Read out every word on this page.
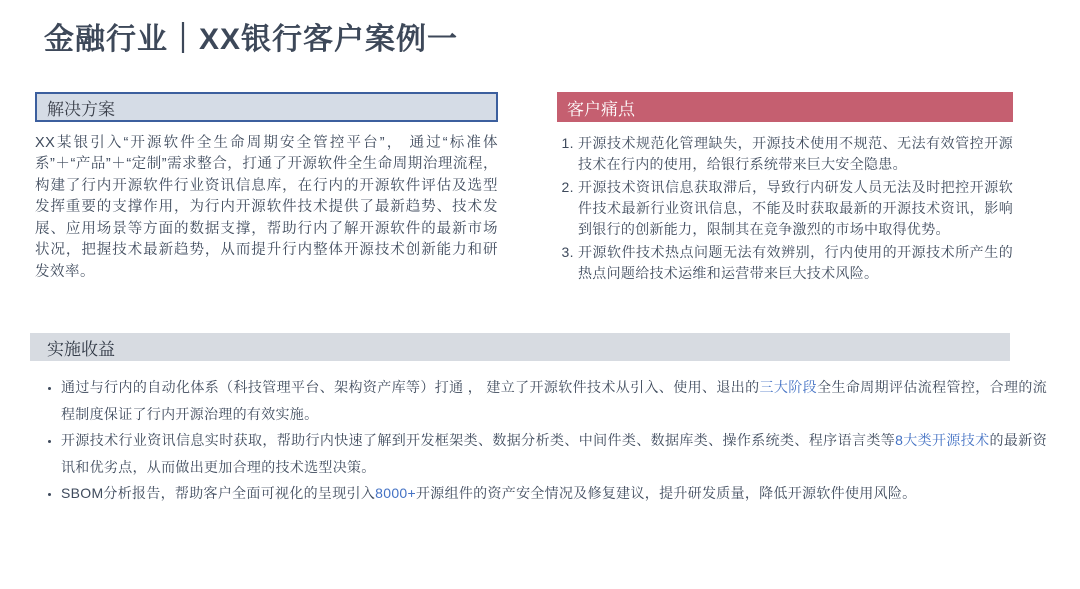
金融行业｜XX银行客户案例一
解决方案

XX某银引入“开源软件全生命周期安全管控平台”， 通过“标准体系”＋“产品”＋“定制”需求整合，打通了开源软件全生命周期治理流程，构建了行内开源软件行业资讯信息库，在行内的开源软件评估及选型发挥重要的支撑作用，为行内开源软件技术提供了最新趋势、技术发展、应用场景等方面的数据支撑，帮助行内了解开源软件的最新市场状况，把握技术最新趋势，从而提升行内整体开源技术创新能力和研发效率。

客户痛点
1. 开源技术规范化管理缺失，开源技术使用不规范、无法有效管控开源技术在行内的使用，给银行系统带来巨大安全隐患。
2. 开源技术资讯信息获取滞后，导致行内研发人员无法及时把控开源软件技术最新行业资讯信息，不能及时获取最新的开源技术资讯，影响到银行的创新能力，限制其在竞争激烈的市场中取得优势。
3. 开源软件技术热点问题无法有效辨别，行内使用的开源技术所产生的热点问题给技术运维和运营带来巨大技术风险。
实施收益
• 通过与行内的自动化体系（科技管理平台、架构资产库等）打通 ， 建立了开源软件技术从引入、使用、退出的三大阶段全生命周期评估流程管控，合理的流程制度保证了行内开源治理的有效实施。
• 开源技术行业资讯信息实时获取，帮助行内快速了解到开发框架类、数据分析类、中间件类、数据库类、操作系统类、程序语言类等8大类开源技术的最新资讯和优劣点，从而做出更加合理的技术选型决策。
• SBOM分析报告，帮助客户全面可视化的呈现引入8000+开源组件的资产安全情况及修复建议，提升研发质量，降低开源软件使用风险。
